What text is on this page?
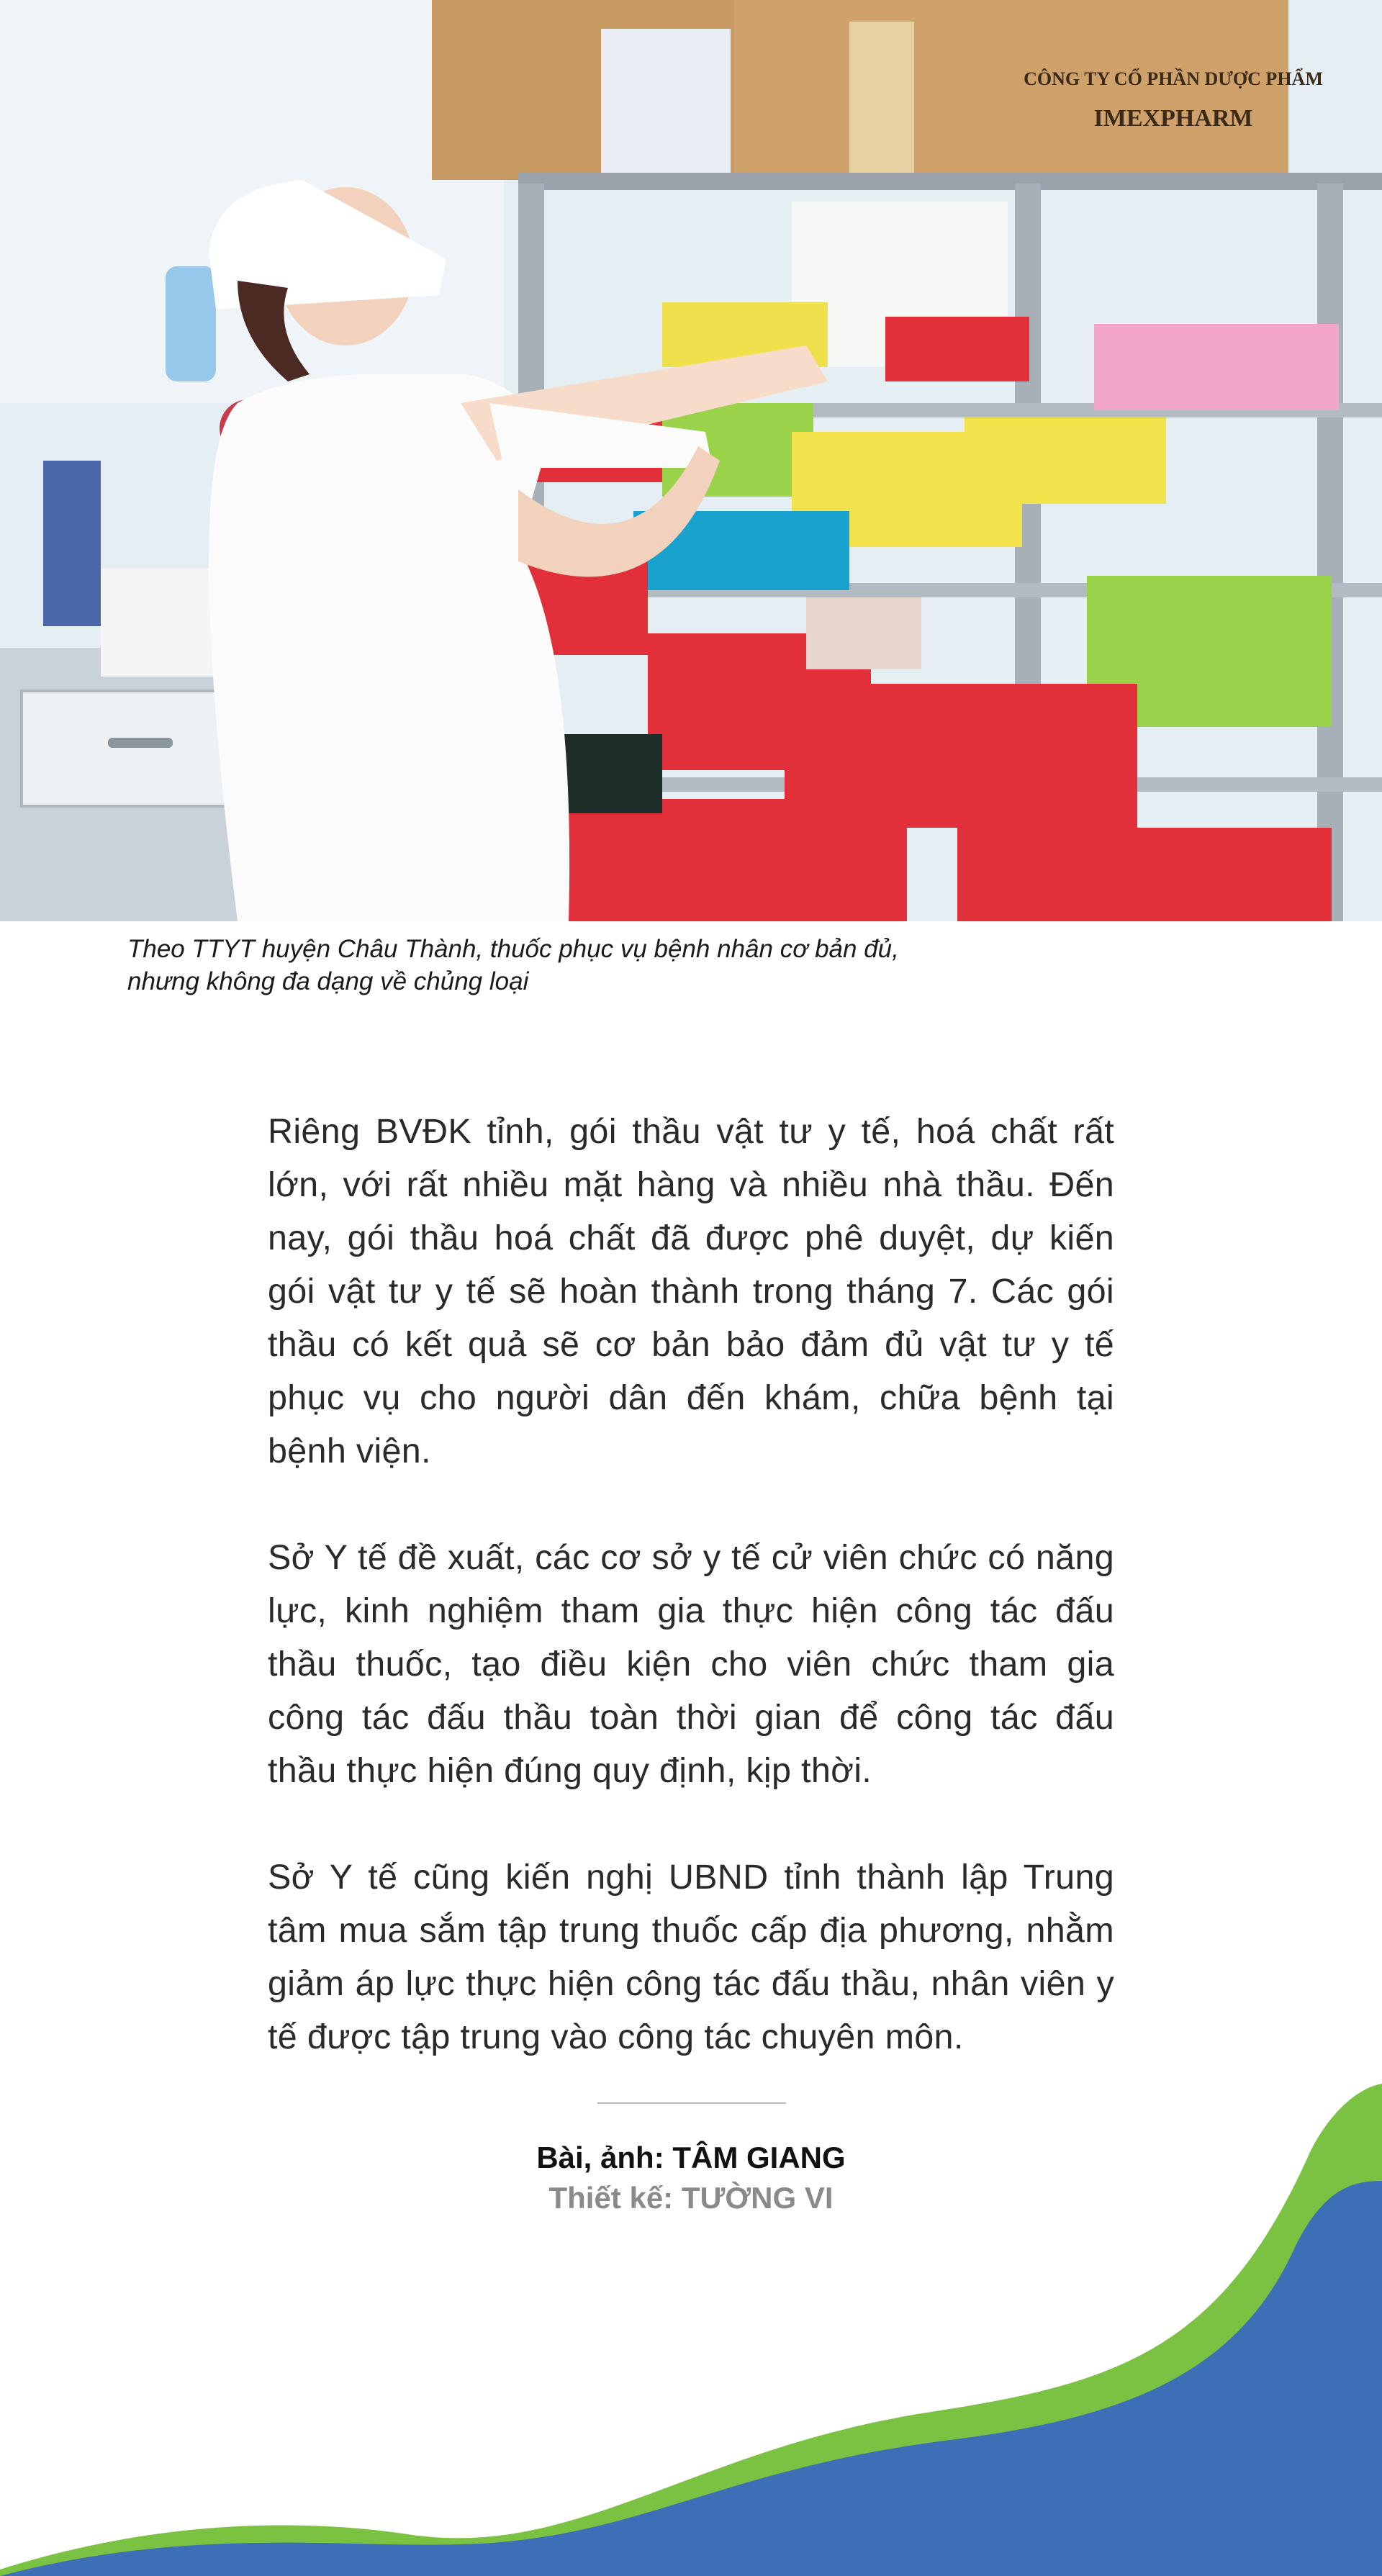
CÔNG TY CỔ PHẦN DƯỢC PHẨM
IMEXPHARM
Theo TTYT huyện Châu Thành, thuốc phục vụ bệnh nhân cơ bản đủ,
nhưng không đa dạng về chủng loại

Riêng BVĐK tỉnh, gói thầu vật tư y tế, hoá chất rất lớn, với rất nhiều mặt hàng và nhiều nhà thầu. Đến nay, gói thầu hoá chất đã được phê duyệt, dự kiến gói vật tư y tế sẽ hoàn thành trong tháng 7. Các gói thầu có kết quả sẽ cơ bản bảo đảm đủ vật tư y tế phục vụ cho người dân đến khám, chữa bệnh tại bệnh viện.

Sở Y tế đề xuất, các cơ sở y tế cử viên chức có năng lực, kinh nghiệm tham gia thực hiện công tác đấu thầu thuốc, tạo điều kiện cho viên chức tham gia công tác đấu thầu toàn thời gian để công tác đấu thầu thực hiện đúng quy định, kịp thời.

Sở Y tế cũng kiến nghị UBND tỉnh thành lập Trung tâm mua sắm tập trung thuốc cấp địa phương, nhằm giảm áp lực thực hiện công tác đấu thầu, nhân viên y tế được tập trung vào công tác chuyên môn.

Bài, ảnh: TÂM GIANG
Thiết kế: TƯỜNG VI
